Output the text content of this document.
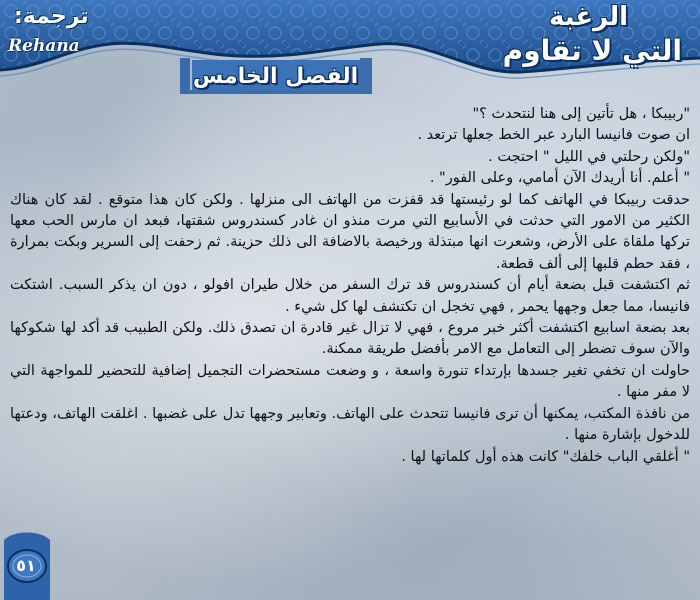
الرغبة
التي لا تقاوم
ترجمة:
Rehana
الفصل الخامس

"ربيبكا ، هل تأتين إلى هنا لنتحدث ؟"

ان صوت فانيسا البارد عبر الخط جعلها ترتعد .

"ولكن رحلتي في الليل " احتجت .

" أعلم. أنا أريدك الآن أمامي، وعلى الفور" .

حدقت ربيبكا في الهاتف كما لو رئيستها قد قفزت من الهاتف الى منزلها . ولكن كان هذا متوقع . لقد كان هناك الكثير من الامور التي حدثت في الأسابيع التي مرت منذو ان غادر كسندروس شقتها، فبعد ان مارس الحب معها تركها ملقاة على الأرض، وشعرت انها مبتذلة ورخيصة بالاضافة الى ذلك حزينة. ثم زحفت إلى السرير وبكت بمرارة ، فقد حطم قلبها إلى ألف قطعة.

ثم اكتشفت قبل بضعة أيام أن كسندروس قد ترك السفر من خلال طيران افولو ، دون ان يذكر السبب. اشتكت فانيسا، مما جعل وجهها يحمر , فهي تخجل ان تكتشف لها كل شيء .

بعد بضعة اسابيع اكتشفت أكثر خبر مروع ، فهي لا تزال غير قادرة ان تصدق ذلك. ولكن الطبيب قد أكد لها شكوكها والآن سوف تضطر إلى التعامل مع الامر بأفضل طريقة ممكنة.

حاولت ان تخفي تغير جسدها بإرتداء تنورة واسعة ، و وضعت مستحضرات التجميل إضافية للتحضير للمواجهة التي لا مفر منها .

من نافذة المكتب، يمكنها أن ترى فانيسا تتحدث على الهاتف. وتعابير وجهها تدل على غضبها . اغلقت الهاتف، ودعتها للدخول بإشارة منها .

" أغلقي الباب خلفك" كانت هذه أول كلماتها لها .

٥١
